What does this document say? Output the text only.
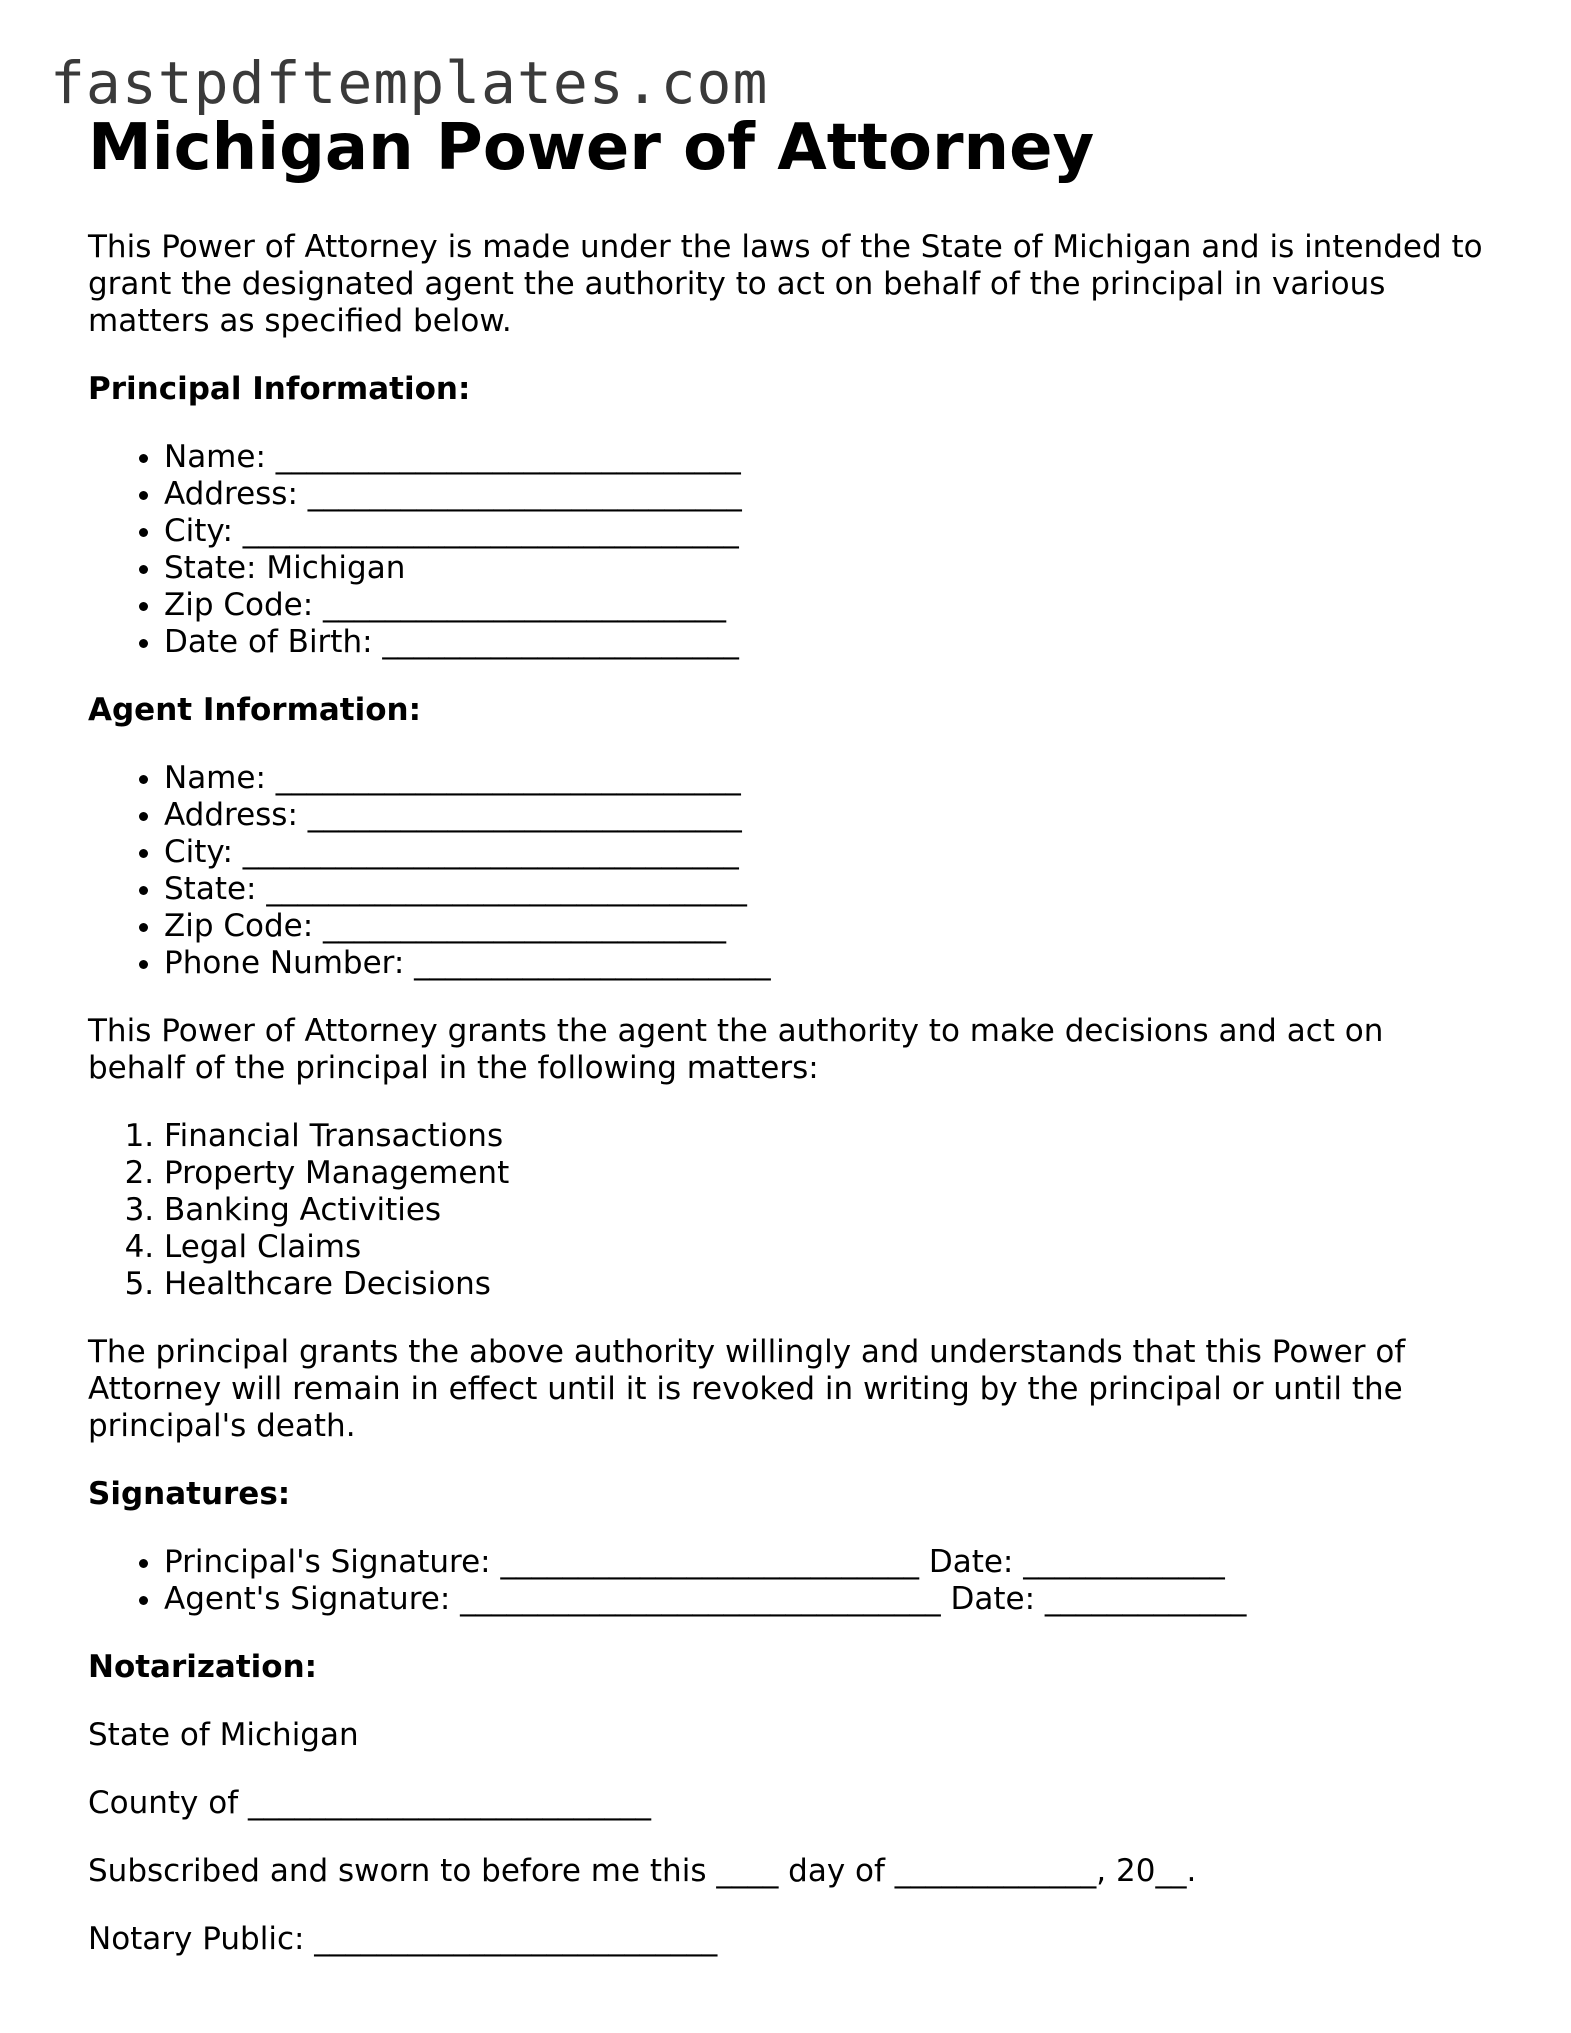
fastpdftemplates.com
Michigan Power of Attorney

This Power of Attorney is made under the laws of the State of Michigan and is intended to grant the designated agent the authority to act on behalf of the principal in various matters as specified below.

Principal Information:
• Name: ______________________________
• Address: ____________________________
• City: ________________________________
• State: Michigan
• Zip Code: __________________________
• Date of Birth: _______________________
Agent Information:
• Name: ______________________________
• Address: ____________________________
• City: ________________________________
• State: _______________________________
• Zip Code: __________________________
• Phone Number: _______________________

This Power of Attorney grants the agent the authority to make decisions and act on behalf of the principal in the following matters:

1. Financial Transactions
2. Property Management
3. Banking Activities
4. Legal Claims
5. Healthcare Decisions

The principal grants the above authority willingly and understands that this Power of Attorney will remain in effect until it is revoked in writing by the principal or until the principal's death.

Signatures:
• Principal's Signature: ___________________________ Date: _____________
• Agent's Signature: _______________________________ Date: _____________
Notarization:

State of Michigan

County of __________________________

Subscribed and sworn to before me this ____ day of _____________, 20__.

Notary Public: __________________________
